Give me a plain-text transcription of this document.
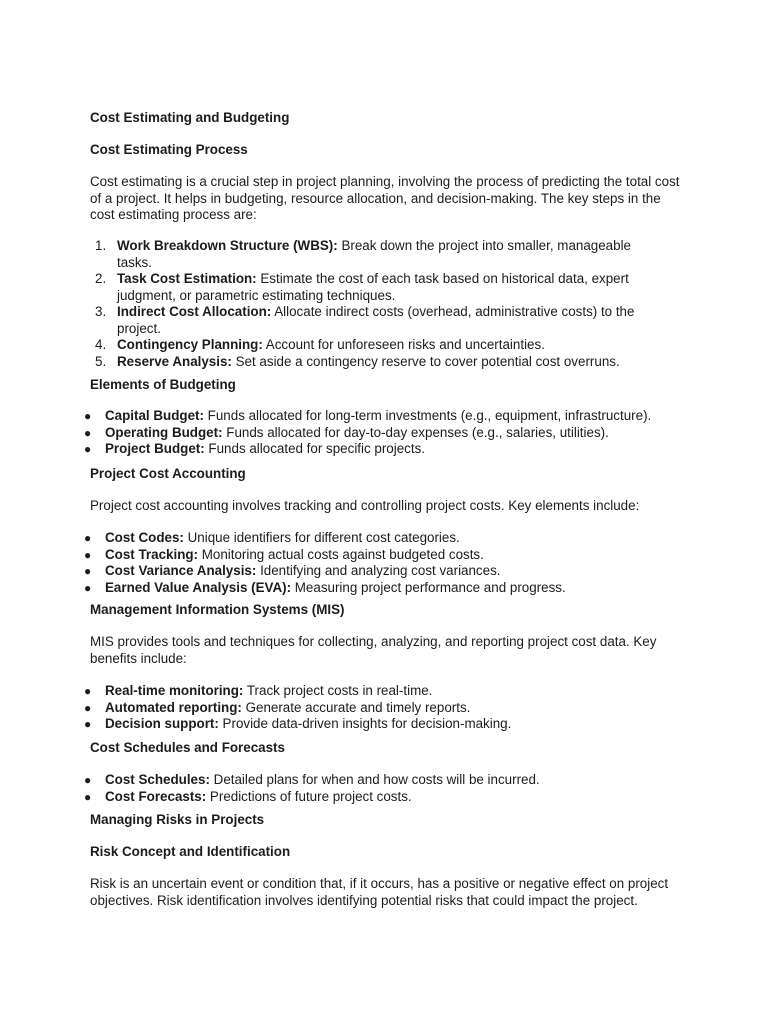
Cost Estimating and Budgeting
Cost Estimating Process

Cost estimating is a crucial step in project planning, involving the process of predicting the total cost of a project. It helps in budgeting, resource allocation, and decision-making. The key steps in the cost estimating process are:

1. Work Breakdown Structure (WBS): Break down the project into smaller, manageable tasks.
2. Task Cost Estimation: Estimate the cost of each task based on historical data, expert judgment, or parametric estimating techniques.
3. Indirect Cost Allocation: Allocate indirect costs (overhead, administrative costs) to the project.
4. Contingency Planning: Account for unforeseen risks and uncertainties.
5. Reserve Analysis: Set aside a contingency reserve to cover potential cost overruns.
Elements of Budgeting
● Capital Budget: Funds allocated for long-term investments (e.g., equipment, infrastructure).
● Operating Budget: Funds allocated for day-to-day expenses (e.g., salaries, utilities).
● Project Budget: Funds allocated for specific projects.
Project Cost Accounting

Project cost accounting involves tracking and controlling project costs. Key elements include:

● Cost Codes: Unique identifiers for different cost categories.
● Cost Tracking: Monitoring actual costs against budgeted costs.
● Cost Variance Analysis: Identifying and analyzing cost variances.
● Earned Value Analysis (EVA): Measuring project performance and progress.
Management Information Systems (MIS)

MIS provides tools and techniques for collecting, analyzing, and reporting project cost data. Key benefits include:

● Real-time monitoring: Track project costs in real-time.
● Automated reporting: Generate accurate and timely reports.
● Decision support: Provide data-driven insights for decision-making.
Cost Schedules and Forecasts
● Cost Schedules: Detailed plans for when and how costs will be incurred.
● Cost Forecasts: Predictions of future project costs.
Managing Risks in Projects
Risk Concept and Identification

Risk is an uncertain event or condition that, if it occurs, has a positive or negative effect on project objectives. Risk identification involves identifying potential risks that could impact the project.
